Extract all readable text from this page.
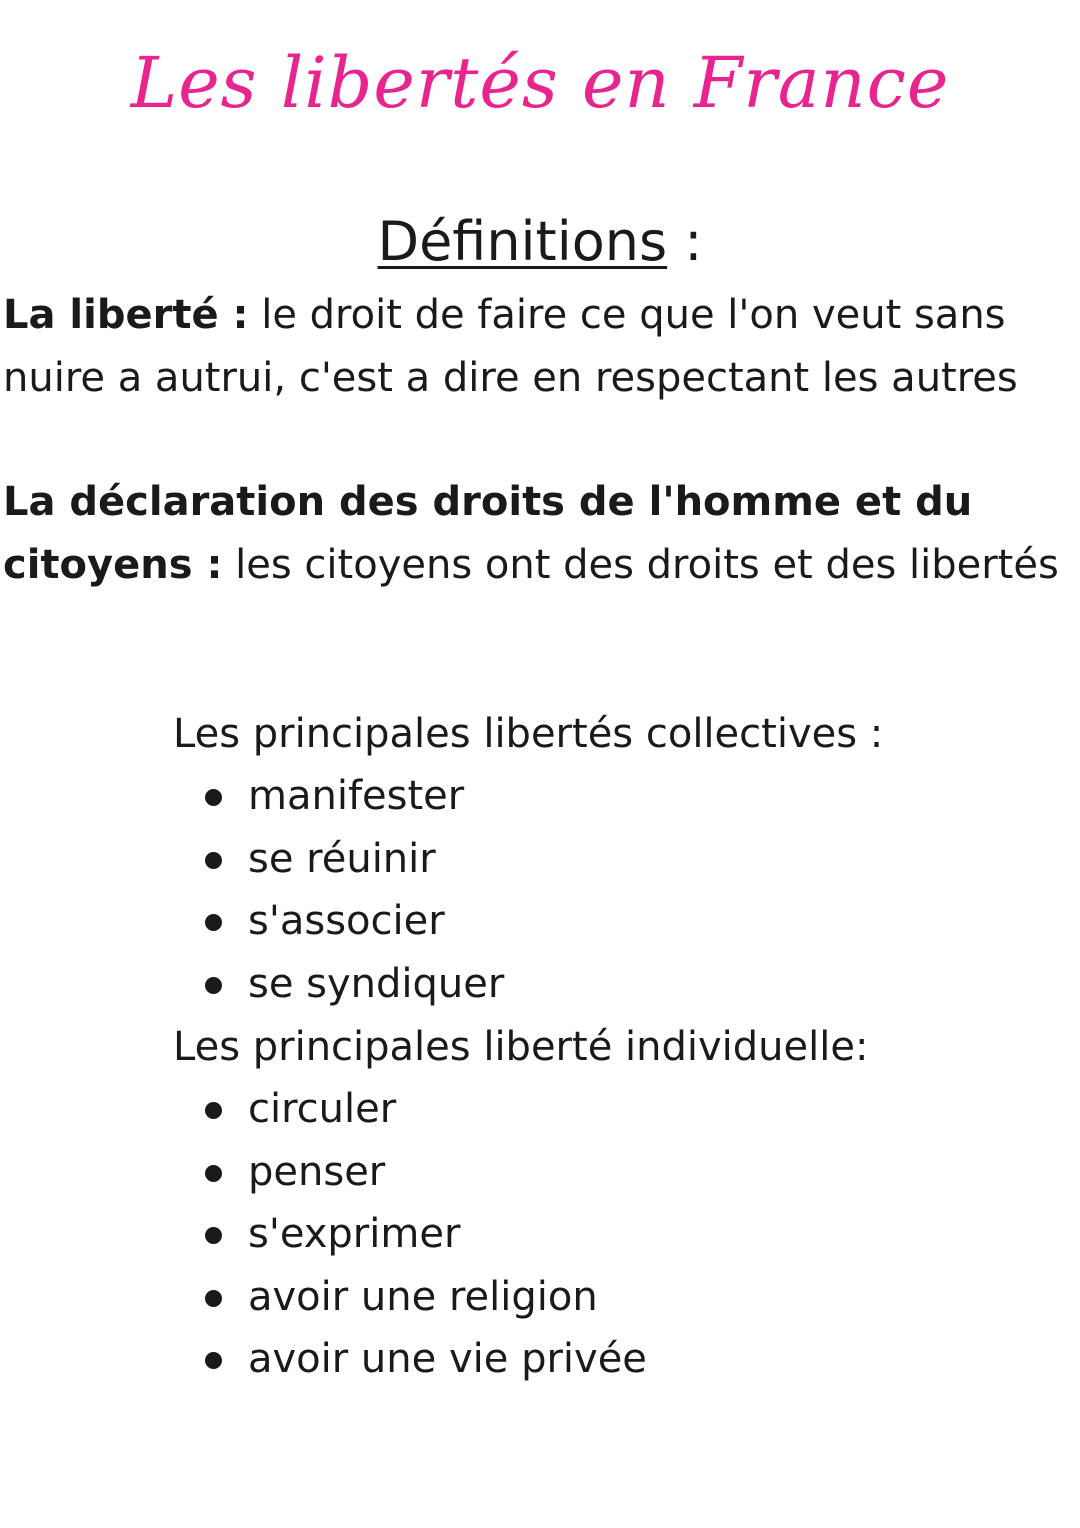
Les libertés en France
Définitions :
La liberté : le droit de faire ce que l'on veut sans nuire a autrui, c'est a dire en respectant les autres
La déclaration des droits de l'homme et du citoyens : les citoyens ont des droits et des libertés
Les principales libertés collectives :
manifester
se réuinir
s'associer
se syndiquer
Les principales liberté individuelle:
circuler
penser
s'exprimer
avoir une religion
avoir une vie privée
